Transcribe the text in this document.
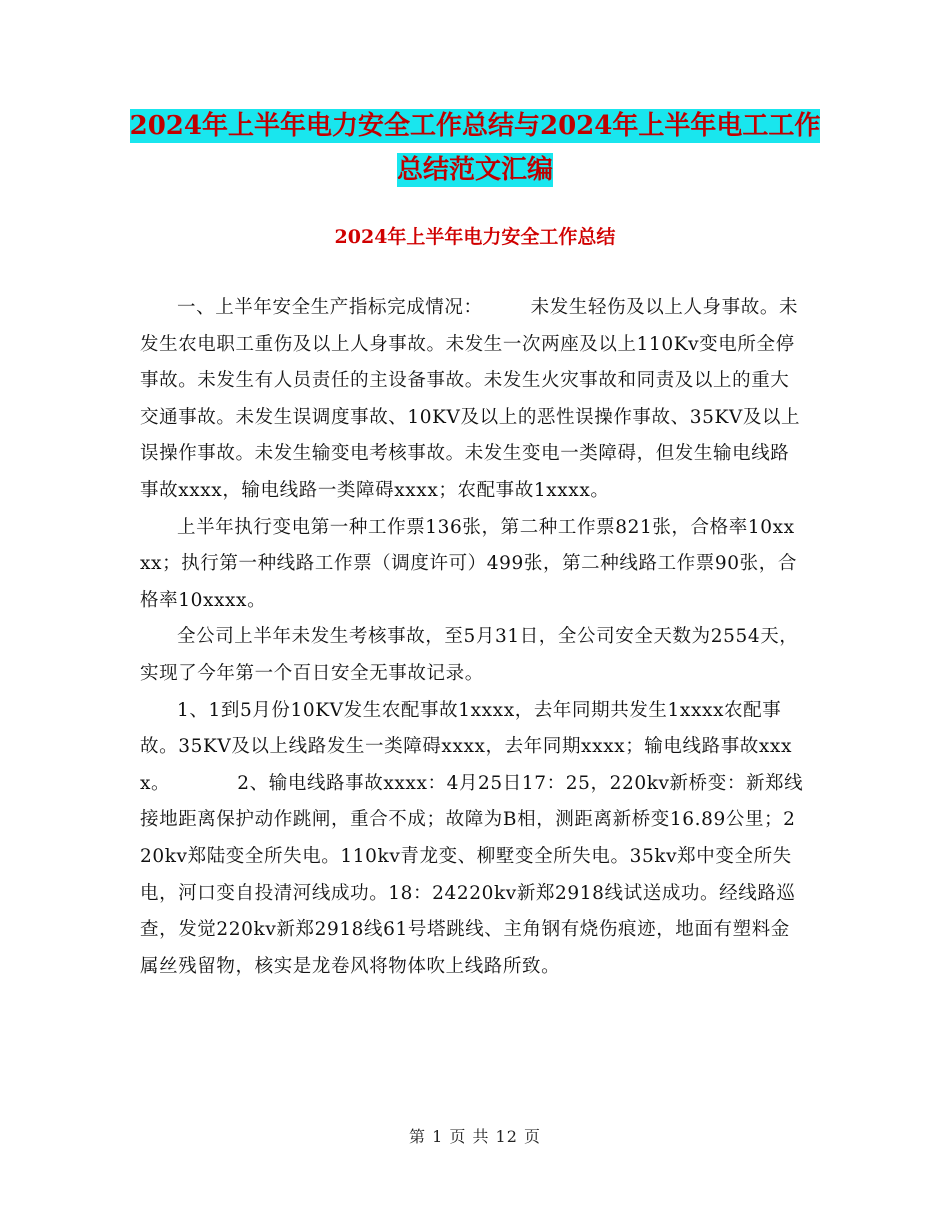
2024年上半年电力安全工作总结与2024年上半年电工工作总结范文汇编
2024年上半年电力安全工作总结

一、上半年安全生产指标完成情况：　　　未发生轻伤及以上人身事故。未发生农电职工重伤及以上人身事故。未发生一次两座及以上110Kv变电所全停事故。未发生有人员责任的主设备事故。未发生火灾事故和同责及以上的重大交通事故。未发生误调度事故、10KV及以上的恶性误操作事故、35KV及以上误操作事故。未发生输变电考核事故。未发生变电一类障碍，但发生输电线路事故xxxx，输电线路一类障碍xxxx；农配事故1xxxx。

上半年执行变电第一种工作票136张，第二种工作票821张，合格率10xxxx；执行第一种线路工作票（调度许可）499张，第二种线路工作票90张，合格率10xxxx。

全公司上半年未发生考核事故，至5月31日，全公司安全天数为2554天，实现了今年第一个百日安全无事故记录。

1、1到5月份10KV发生农配事故1xxxx，去年同期共发生1xxxx农配事故。35KV及以上线路发生一类障碍xxxx，去年同期xxxx；输电线路事故xxxx。　　　　2、输电线路事故xxxx：4月25日17：25，220kv新桥变：新郑线接地距离保护动作跳闸，重合不成；故障为B相，测距离新桥变16.89公里；220kv郑陆变全所失电。110kv青龙变、柳墅变全所失电。35kv郑中变全所失电，河口变自投清河线成功。18：24220kv新郑2918线试送成功。经线路巡查，发觉220kv新郑2918线61号塔跳线、主角钢有烧伤痕迹，地面有塑料金属丝残留物，核实是龙卷风将物体吹上线路所致。

第 1 页 共 12 页
